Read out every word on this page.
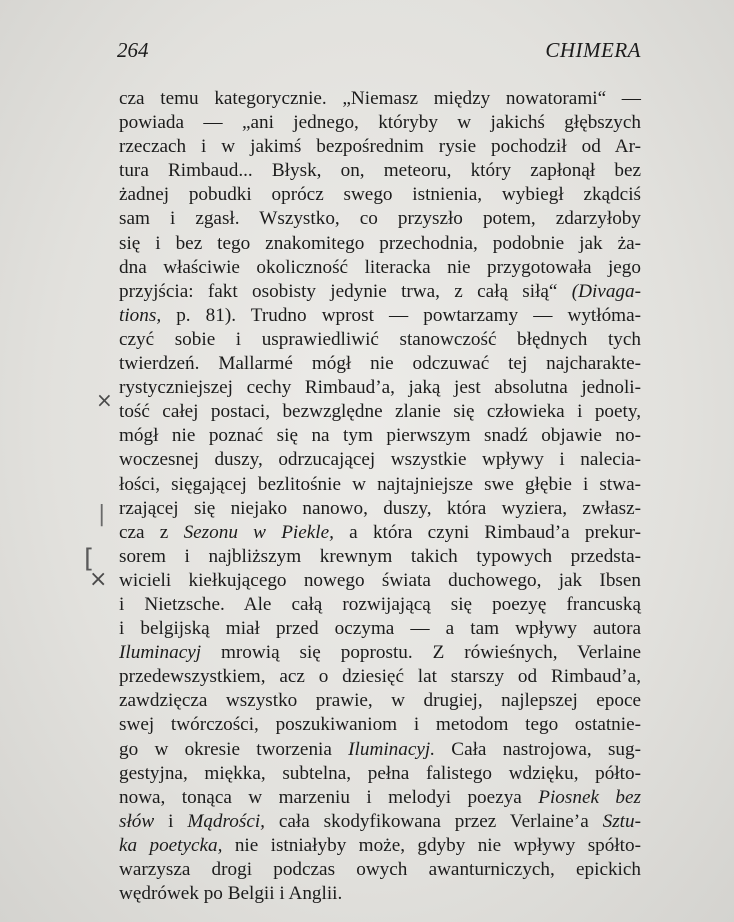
264	CHIMERA
cza temu kategorycznie. „Niemasz między nowatorami“ —
powiada — „ani jednego, któryby w jakichś głębszych
rzeczach i w jakimś bezpośrednim rysie pochodził od Ar-
tura Rimbaud... Błysk, on, meteoru, który zapłonął bez
żadnej pobudki oprócz swego istnienia, wybiegł zkądciś
sam i zgasł. Wszystko, co przyszło potem, zdarzyłoby
się i bez tego znakomitego przechodnia, podobnie jak ża-
dna właściwie okoliczność literacka nie przygotowała jego
przyjścia: fakt osobisty jedynie trwa, z całą siłą“ (Divaga-
tions, p. 81). Trudno wprost — powtarzamy — wytłóma-
czyć sobie i usprawiedliwić stanowczość błędnych tych
twierdzeń. Mallarmé mógł nie odczuwać tej najcharakte-
rystyczniejszej cechy Rimbaud’a, jaką jest absolutna jednoli-
tość całej postaci, bezwzględne zlanie się człowieka i poety,
mógł nie poznać się na tym pierwszym snadź objawie no-
woczesnej duszy, odrzucającej wszystkie wpływy i nalecia-
łości, sięgającej bezlitośnie w najtajniejsze swe głębie i stwa-
rzającej się niejako nanowo, duszy, która wyziera, zwłasz-
cza z Sezonu w Piekle, a która czyni Rimbaud’a prekur-
sorem i najbliższym krewnym takich typowych przedsta-
wicieli kiełkującego nowego świata duchowego, jak Ibsen
i Nietzsche. Ale całą rozwijającą się poezyę francuską
i belgijską miał przed oczyma — a tam wpływy autora
Iluminacyj mrowią się poprostu. Z rówieśnych, Verlaine
przedewszystkiem, acz o dziesięć lat starszy od Rimbaud’a,
zawdzięcza wszystko prawie, w drugiej, najlepszej epoce
swej twórczości, poszukiwaniom i metodom tego ostatnie-
go w okresie tworzenia Iluminacyj. Cała nastrojowa, sug-
gestyjna, miękka, subtelna, pełna falistego wdzięku, półto-
nowa, tonąca w marzeniu i melodyi poezya Piosnek bez
słów i Mądrości, cała skodyfikowana przez Verlaine’a Sztu-
ka poetycka, nie istniałyby może, gdyby nie wpływy spółto-
warzysza drogi podczas owych awanturniczych, epickich
wędrówek po Belgii i Anglii.
×
|
[
×
